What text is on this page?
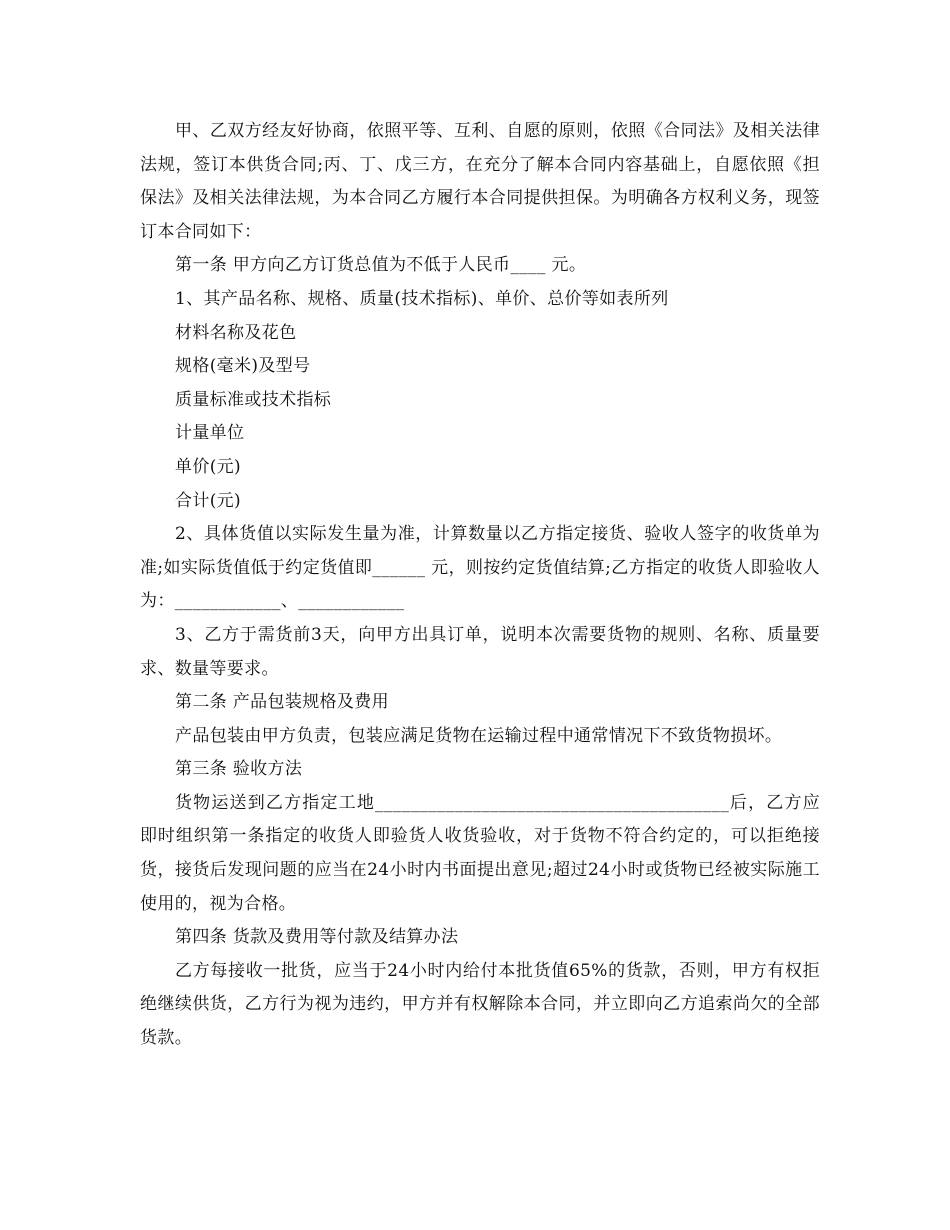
甲、乙双方经友好协商，依照平等、互利、自愿的原则，依照《合同法》及相关法律法规，签订本供货合同;丙、丁、戊三方，在充分了解本合同内容基础上，自愿依照《担保法》及相关法律法规，为本合同乙方履行本合同提供担保。为明确各方权利义务，现签订本合同如下：

第一条 甲方向乙方订货总值为不低于人民币____ 元。

1、其产品名称、规格、质量(技术指标)、单价、总价等如表所列

材料名称及花色

规格(毫米)及型号

质量标准或技术指标

计量单位

单价(元)

合计(元)

2、具体货值以实际发生量为准，计算数量以乙方指定接货、验收人签字的收货单为准;如实际货值低于约定货值即______ 元，则按约定货值结算;乙方指定的收货人即验收人为：____________、____________

3、乙方于需货前3天，向甲方出具订单，说明本次需要货物的规则、名称、质量要求、数量等要求。

第二条 产品包装规格及费用

产品包装由甲方负责，包装应满足货物在运输过程中通常情况下不致货物损坏。

第三条 验收方法

货物运送到乙方指定工地________________________________________后，乙方应即时组织第一条指定的收货人即验货人收货验收，对于货物不符合约定的，可以拒绝接货，接货后发现问题的应当在24小时内书面提出意见;超过24小时或货物已经被实际施工使用的，视为合格。

第四条 货款及费用等付款及结算办法

乙方每接收一批货，应当于24小时内给付本批货值65%的货款，否则，甲方有权拒绝继续供货，乙方行为视为违约，甲方并有权解除本合同，并立即向乙方追索尚欠的全部货款。
